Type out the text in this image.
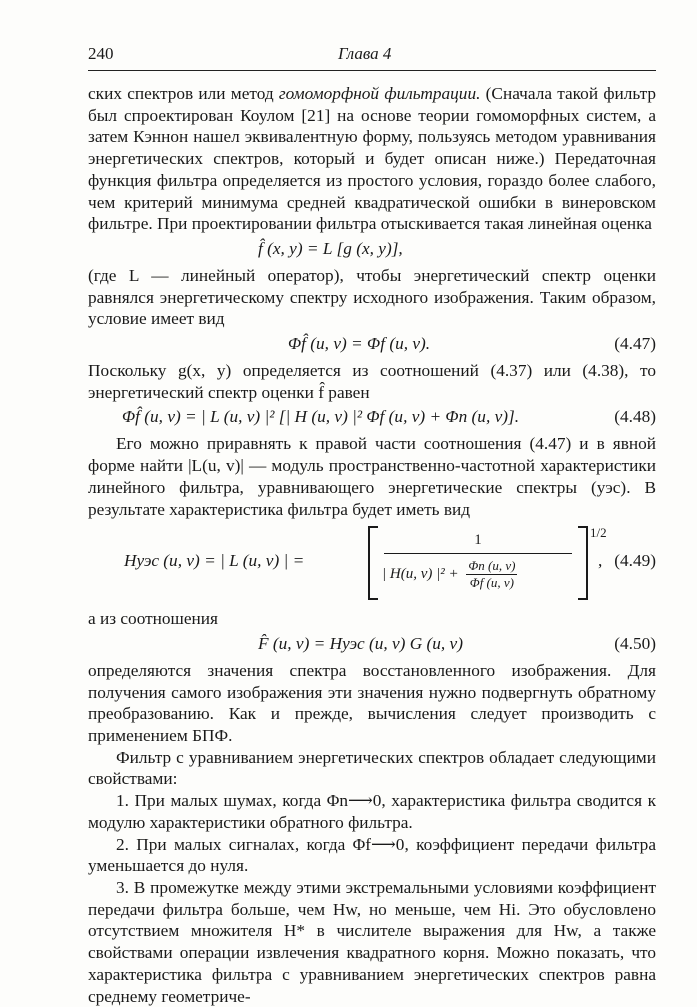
240	Глава 4

ских спектров или метод гомоморфной фильтрации. (Сначала такой фильтр был спроектирован Коулом [21] на основе теории гомоморфных систем, а затем Кэннон нашел эквивалентную форму, пользуясь методом уравнивания энергетических спектров, который и будет описан ниже.) Передаточная функция фильтра определяется из простого условия, гораздо более слабого, чем критерий минимума средней квадратической ошибки в винеровском фильтре. При проектировании фильтра отыскивается такая линейная оценка

f̂ (x, y) = L [g (x, y)],

(где L — линейный оператор), чтобы энергетический спектр оценки равнялся энергетическому спектру исходного изображения. Таким образом, условие имеет вид

Φf̂ (u, v) = Φf (u, v).	(4.47)

Поскольку g(x, y) определяется из соотношений (4.37) или (4.38), то энергетический спектр оценки f̂ равен

Φf̂ (u, v) = | L (u, v) |² [| H (u, v) |² Φf (u, v) + Φn (u, v)].	(4.48)

Его можно приравнять к правой части соотношения (4.47) и в явной форме найти |L(u, v)| — модуль пространственно-частотной характеристики линейного фильтра, уравнивающего энергетические спектры (уэс). В результате характеристика фильтра будет иметь вид

Hуэс (u, v) = | L (u, v) | =
1
| H(u, v) $|^2 + \frac{\Phi n (u, v)}{\Phi f (u, v)}$
1/2
, (4.49)

а из соотношения

F̂ (u, v) = Hуэс (u, v) G (u, v)	(4.50)

определяются значения спектра восстановленного изображения. Для получения самого изображения эти значения нужно подвергнуть обратному преобразованию. Как и прежде, вычисления следует производить с применением БПФ.

Фильтр с уравниванием энергетических спектров обладает следующими свойствами:

1. При малых шумах, когда Φn⟶0, характеристика фильтра сводится к модулю характеристики обратного фильтра.

2. При малых сигналах, когда Φf⟶0, коэффициент передачи фильтра уменьшается до нуля.

3. В промежутке между этими экстремальными условиями коэффициент передачи фильтра больше, чем Hw, но меньше, чем Hi. Это обусловлено отсутствием множителя H* в числителе выражения для Hw, а также свойствами операции извлечения квадратного корня. Можно показать, что характеристика фильтра с уравниванием энергетических спектров равна среднему геометриче-
